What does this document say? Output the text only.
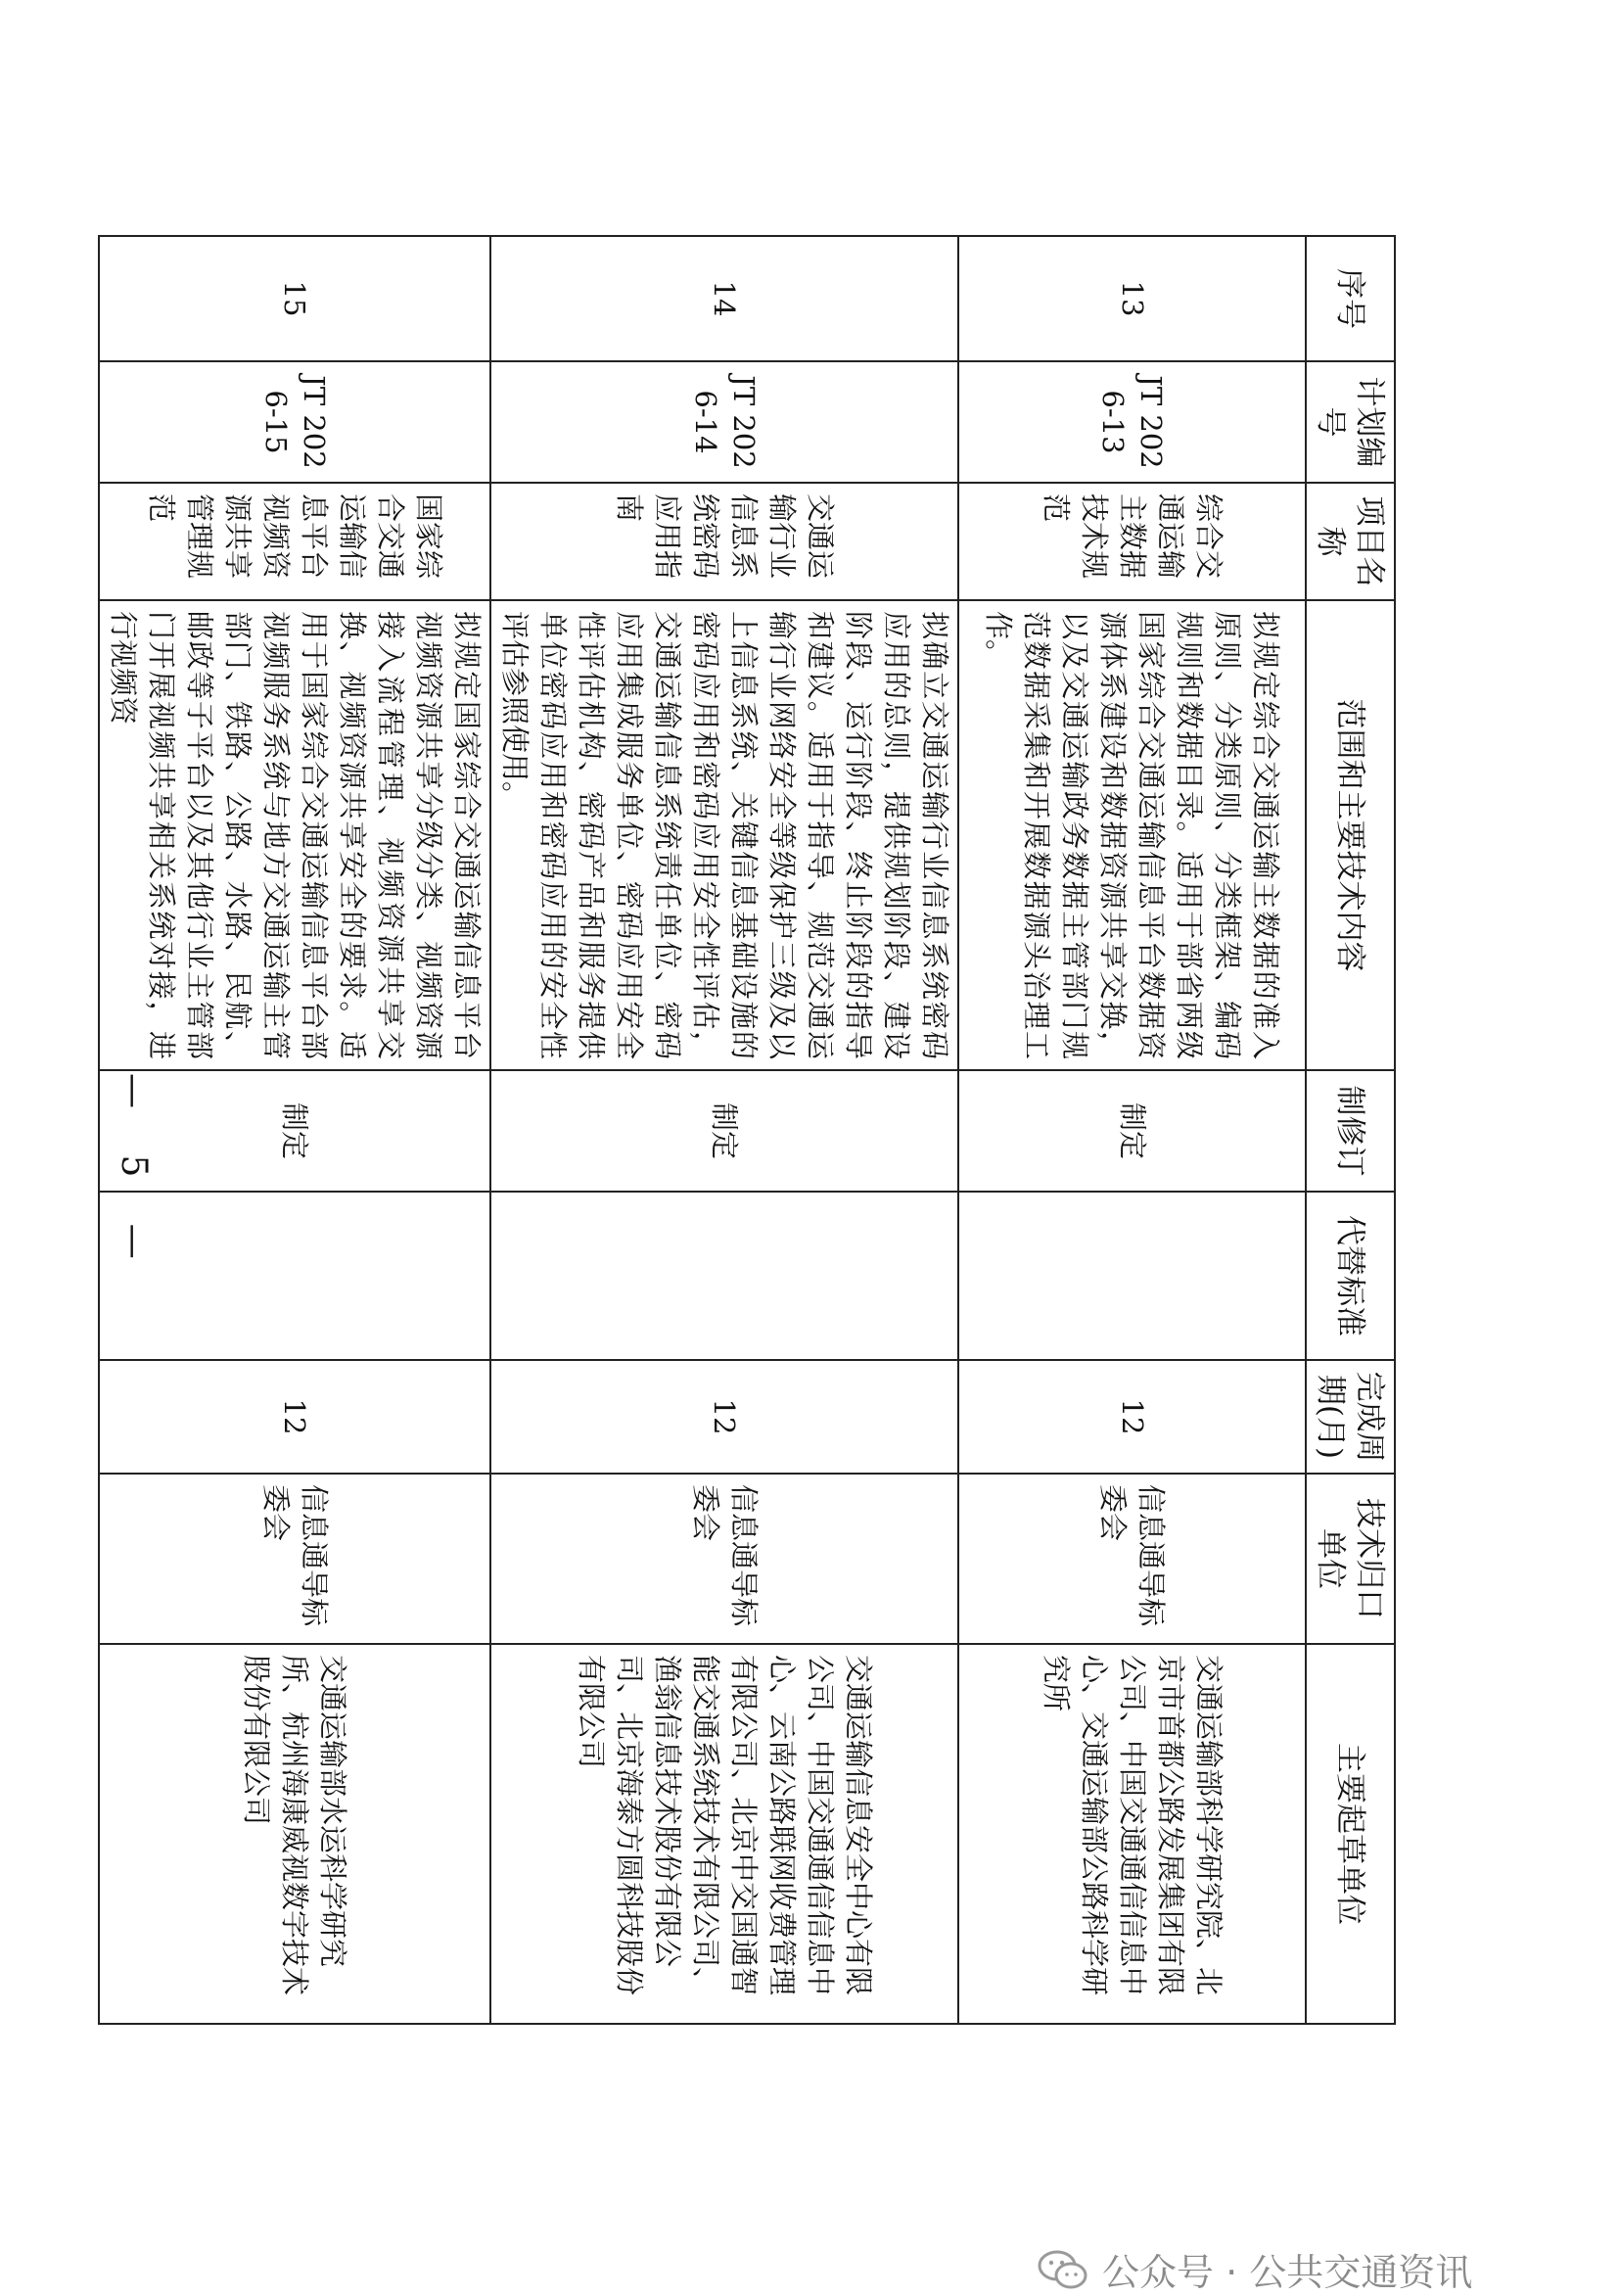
序号	计划编号	项目名称	范围和主要技术内容	制修订	代替标准	完成周期(月)	技术归口单位	主要起草单位
13	JT 2026-13	综合交通运输主数据技术规范	拟规定综合交通运输主数据的准入原则、分类原则、分类框架、编码规则和数据目录。适用于部省两级国家综合交通运输信息平台数据资源体系建设和数据资源共享交换，以及交通运输政务数据主管部门规范数据采集和开展数据源头治理工作。	制定		12	信息通导标委会	交通运输部科学研究院、北京市首都公路发展集团有限公司、中国交通通信信息中心、交通运输部公路科学研究所
14	JT 2026-14	交通运输行业信息系统密码应用指南	拟确立交通运输行业信息系统密码应用的总则，提供规划阶段、建设阶段、运行阶段、终止阶段的指导和建议。适用于指导、规范交通运输行业网络安全等级保护三级及以上信息系统、关键信息基础设施的密码应用和密码应用安全性评估，交通运输信息系统责任单位、密码应用集成服务单位、密码应用安全性评估机构、密码产品和服务提供单位密码应用和密码应用的安全性评估参照使用。	制定		12	信息通导标委会	交通运输信息安全中心有限公司、中国交通通信信息中心、云南公路联网收费管理有限公司、北京中交国通智能交通系统技术有限公司、渔翁信息技术股份有限公司、北京海泰方圆科技股份有限公司
15	JT 2026-15	国家综合交通运输信息平台视频资源共享管理规范	拟规定国家综合交通运输信息平台视频资源共享分级分类、视频资源接入流程管理、视频资源共享交换、视频资源共享安全的要求。适用于国家综合交通运输信息平台部视频服务系统与地方交通运输主管部门、铁路、公路、水路、民航、邮政等子平台以及其他行业主管部门开展视频共享相关系统对接，进行视频资	制定		12	信息通导标委会	交通运输部水运科学研究所、杭州海康威视数字技术股份有限公司
— 5 —
公众号 · 公共交通资讯
